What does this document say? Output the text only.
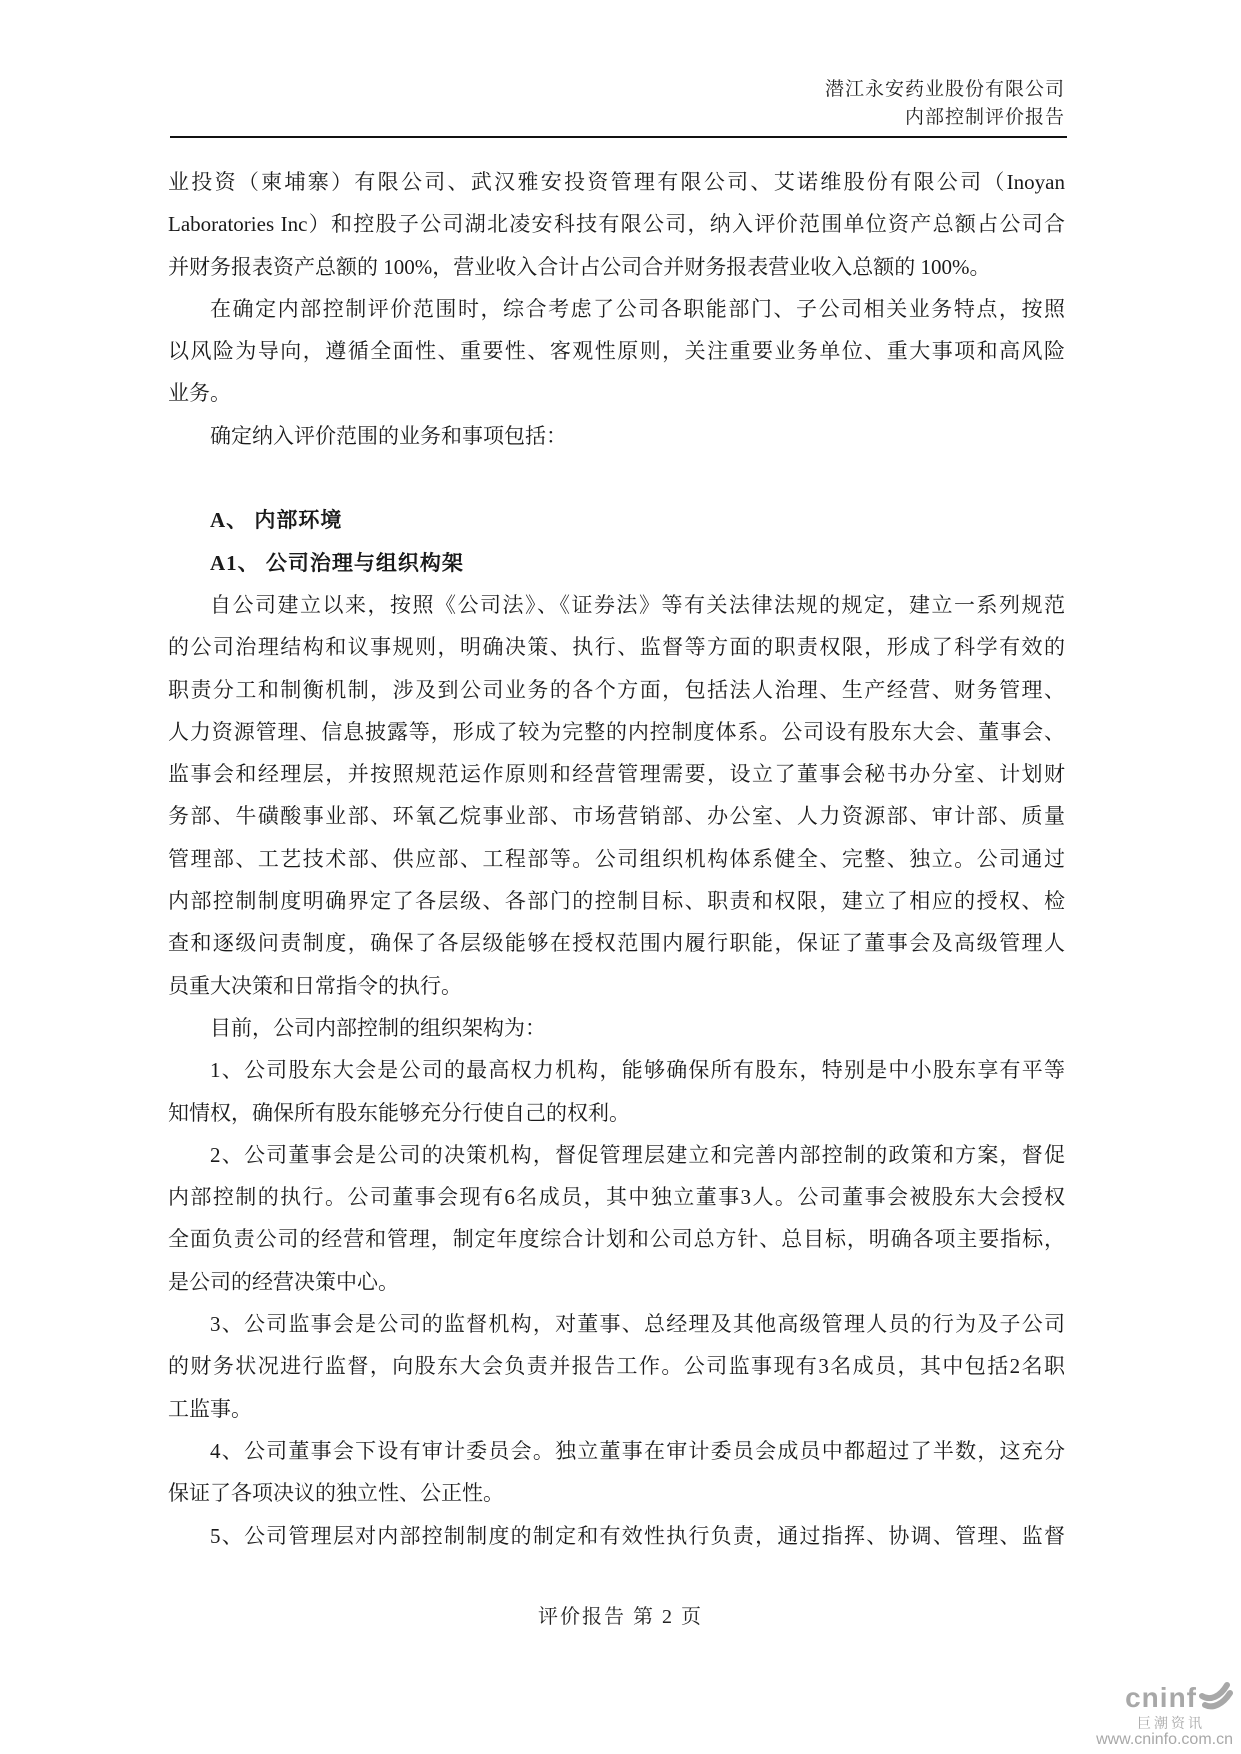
潜江永安药业股份有限公司
内部控制评价报告
业投资（柬埔寨）有限公司、武汉雅安投资管理有限公司、艾诺维股份有限公司（Inoyan
Laboratories Inc）和控股子公司湖北凌安科技有限公司，纳入评价范围单位资产总额占公司合
并财务报表资产总额的 100%，营业收入合计占公司合并财务报表营业收入总额的 100%。
在确定内部控制评价范围时，综合考虑了公司各职能部门、子公司相关业务特点，按照
以风险为导向，遵循全面性、重要性、客观性原则，关注重要业务单位、重大事项和高风险
业务。
确定纳入评价范围的业务和事项包括：
A、 内部环境
A1、 公司治理与组织构架
自公司建立以来，按照《公司法》、《证券法》等有关法律法规的规定，建立一系列规范
的公司治理结构和议事规则，明确决策、执行、监督等方面的职责权限，形成了科学有效的
职责分工和制衡机制，涉及到公司业务的各个方面，包括法人治理、生产经营、财务管理、
人力资源管理、信息披露等，形成了较为完整的内控制度体系。公司设有股东大会、董事会、
监事会和经理层，并按照规范运作原则和经营管理需要，设立了董事会秘书办分室、计划财
务部、牛磺酸事业部、环氧乙烷事业部、市场营销部、办公室、人力资源部、审计部、质量
管理部、工艺技术部、供应部、工程部等。公司组织机构体系健全、完整、独立。公司通过
内部控制制度明确界定了各层级、各部门的控制目标、职责和权限，建立了相应的授权、检
查和逐级问责制度，确保了各层级能够在授权范围内履行职能，保证了董事会及高级管理人
员重大决策和日常指令的执行。
目前，公司内部控制的组织架构为：
1、公司股东大会是公司的最高权力机构，能够确保所有股东，特别是中小股东享有平等
知情权，确保所有股东能够充分行使自己的权利。
2、公司董事会是公司的决策机构，督促管理层建立和完善内部控制的政策和方案，督促
内部控制的执行。公司董事会现有6名成员，其中独立董事3人。公司董事会被股东大会授权
全面负责公司的经营和管理，制定年度综合计划和公司总方针、总目标，明确各项主要指标，
是公司的经营决策中心。
3、公司监事会是公司的监督机构，对董事、总经理及其他高级管理人员的行为及子公司
的财务状况进行监督，向股东大会负责并报告工作。公司监事现有3名成员，其中包括2名职
工监事。
4、公司董事会下设有审计委员会。独立董事在审计委员会成员中都超过了半数，这充分
保证了各项决议的独立性、公正性。
5、公司管理层对内部控制制度的制定和有效性执行负责，通过指挥、协调、管理、监督
评价报告 第 2 页
cninf
巨潮资讯
www.cninfo.com.cn
